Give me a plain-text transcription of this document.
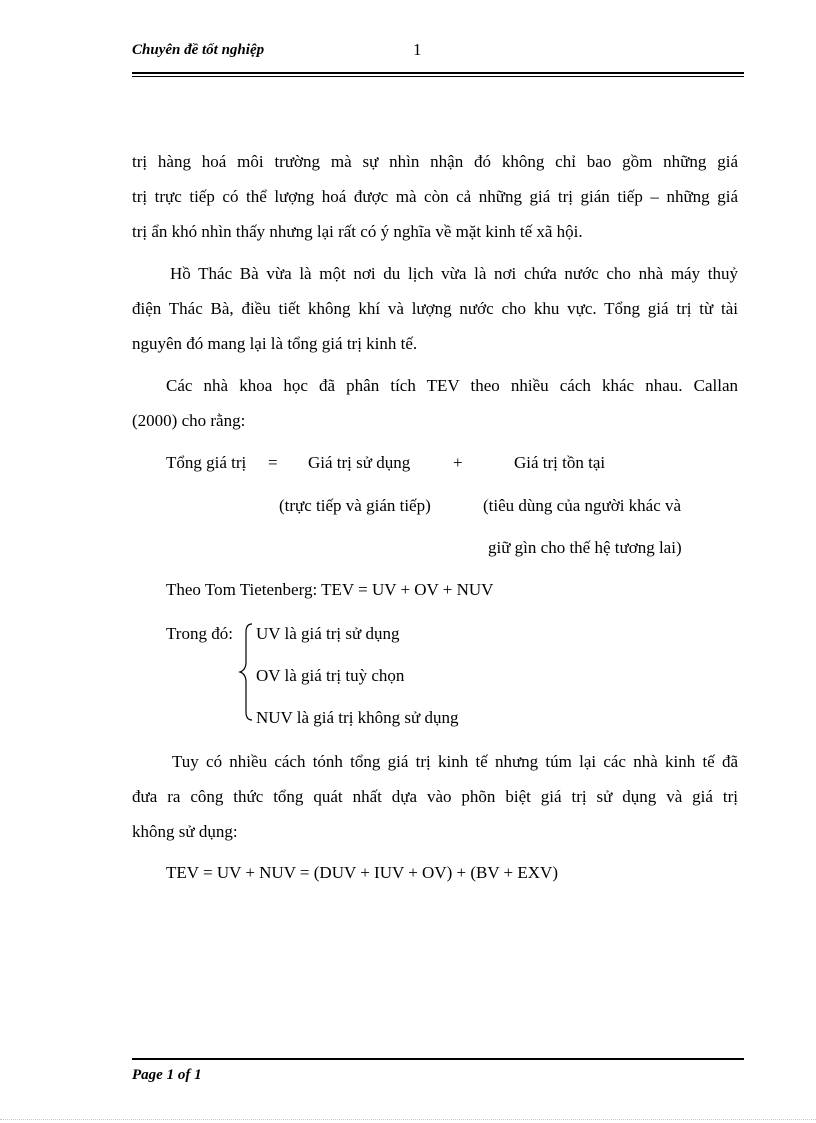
Chuyên đề tốt nghiệp	1
trị hàng hoá môi trường mà sự nhìn nhận đó không chỉ bao gồm những giá
trị trực tiếp có thể lượng hoá được mà còn cả những giá trị gián tiếp – những giá
trị ẩn khó nhìn thấy nhưng lại rất có ý nghĩa về mặt kinh tế xã hội.
Hồ Thác Bà vừa là một nơi du lịch vừa là nơi chứa nước cho nhà máy thuỷ
điện Thác Bà, điều tiết không khí và lượng nước cho khu vực. Tổng giá trị từ tài
nguyên đó mang lại là tổng giá trị kinh tế.
Các nhà khoa học đã phân tích TEV theo nhiều cách khác nhau. Callan
(2000) cho rằng:
Tổng giá trị = Giá trị sử dụng	+	Giá trị tồn tại
(trực tiếp và gián tiếp)	(tiêu dùng của người khác và
giữ gìn cho thế hệ tương lai)
Theo Tom Tietenberg: TEV = UV + OV + NUV
Trong đó: UV là giá trị sử dụng
OV là giá trị tuỳ chọn
NUV là giá trị không sử dụng
Tuy có nhiều cách tónh tổng giá trị kinh tế nhưng túm lại các nhà kinh tế đã
đưa ra công thức tổng quát nhất dựa vào phõn biệt giá trị sử dụng và giá trị
không sử dụng:
TEV = UV + NUV = (DUV + IUV + OV) + (BV + EXV)
Page 1 of 1
